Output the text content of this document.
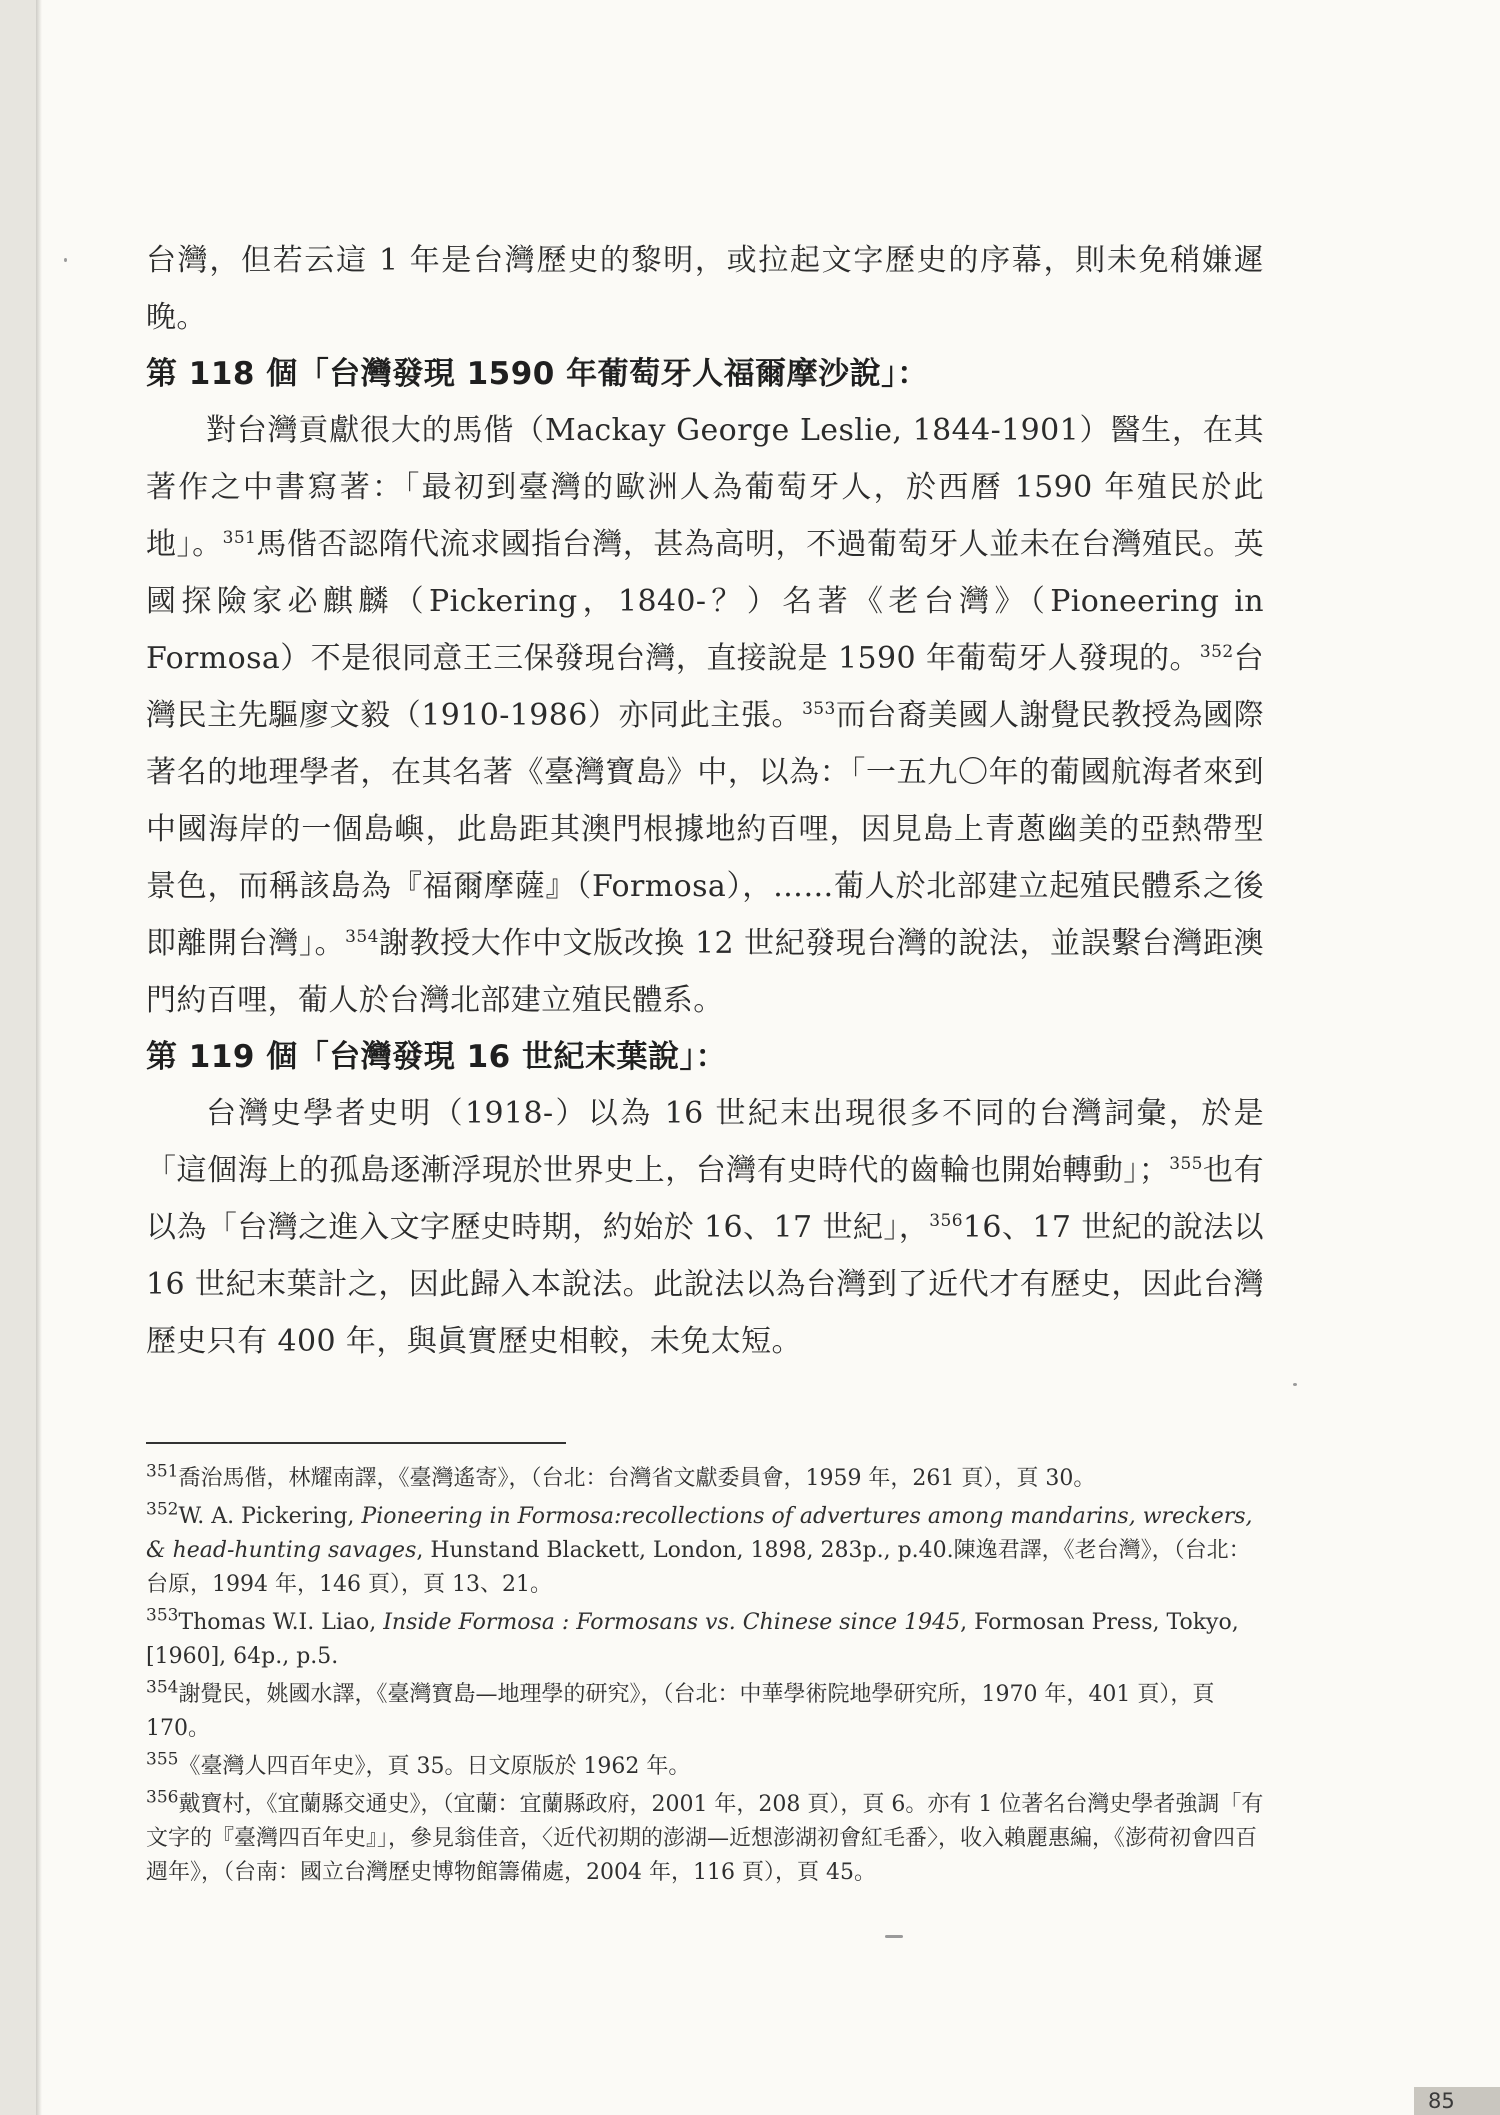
台灣，但若云這 1 年是台灣歷史的黎明，或拉起文字歷史的序幕，則未免稍嫌遲晚。

第 118 個「台灣發現 1590 年葡萄牙人福爾摩沙說」：

對台灣貢獻很大的馬偕（Mackay George Leslie, 1844-1901）醫生，在其著作之中書寫著：「最初到臺灣的歐洲人為葡萄牙人，於西曆 1590 年殖民於此地」。$^{351}$馬偕否認隋代流求國指台灣，甚為高明，不過葡萄牙人並未在台灣殖民。英國探險家必麒麟（Pickering，1840-？）名著《老台灣》（Pioneering in Formosa）不是很同意王三保發現台灣，直接說是 1590 年葡萄牙人發現的。$^{352}$台灣民主先驅廖文毅（1910-1986）亦同此主張。$^{353}$而台裔美國人謝覺民教授為國際著名的地理學者，在其名著《臺灣寶島》中，以為：「一五九〇年的葡國航海者來到中國海岸的一個島嶼，此島距其澳門根據地約百哩，因見島上青蔥幽美的亞熱帶型景色，而稱該島為『福爾摩薩』（Formosa），……葡人於北部建立起殖民體系之後即離開台灣」。$^{354}$謝教授大作中文版改換 12 世紀發現台灣的說法，並誤繫台灣距澳門約百哩，葡人於台灣北部建立殖民體系。

第 119 個「台灣發現 16 世紀末葉說」：

台灣史學者史明（1918-）以為 16 世紀末出現很多不同的台灣詞彙，於是「這個海上的孤島逐漸浮現於世界史上，台灣有史時代的齒輪也開始轉動」；$^{355}$也有以為「台灣之進入文字歷史時期，約始於 16、17 世紀」，$^{356}$16、17 世紀的說法以 16 世紀末葉計之，因此歸入本說法。此說法以為台灣到了近代才有歷史，因此台灣歷史只有 400 年，與眞實歷史相較，未免太短。

$^{351}$喬治馬偕，林耀南譯，《臺灣遙寄》，（台北：台灣省文獻委員會，1959 年，261 頁），頁 30。

$^{352}$W. A. Pickering, Pioneering in Formosa:recollections of advertures among mandarins, wreckers, & head-hunting savages, Hunstand Blackett, London, 1898, 283p., p.40.陳逸君譯，《老台灣》，（台北：台原，1994 年，146 頁），頁 13、21。

$^{353}$Thomas W.I. Liao, Inside Formosa : Formosans vs. Chinese since 1945, Formosan Press, Tokyo, [1960], 64p., p.5.

$^{354}$謝覺民，姚國水譯，《臺灣寶島—地理學的研究》，（台北：中華學術院地學研究所，1970 年，401 頁），頁 170。

$^{355}$《臺灣人四百年史》，頁 35。日文原版於 1962 年。

$^{356}$戴寶村，《宜蘭縣交通史》，（宜蘭：宜蘭縣政府，2001 年，208 頁），頁 6。亦有 1 位著名台灣史學者強調「有文字的『臺灣四百年史』」，參見翁佳音，〈近代初期的澎湖—近想澎湖初會紅毛番〉，收入賴麗惠編，《澎荷初會四百週年》，（台南：國立台灣歷史博物館籌備處，2004 年，116 頁），頁 45。

85
